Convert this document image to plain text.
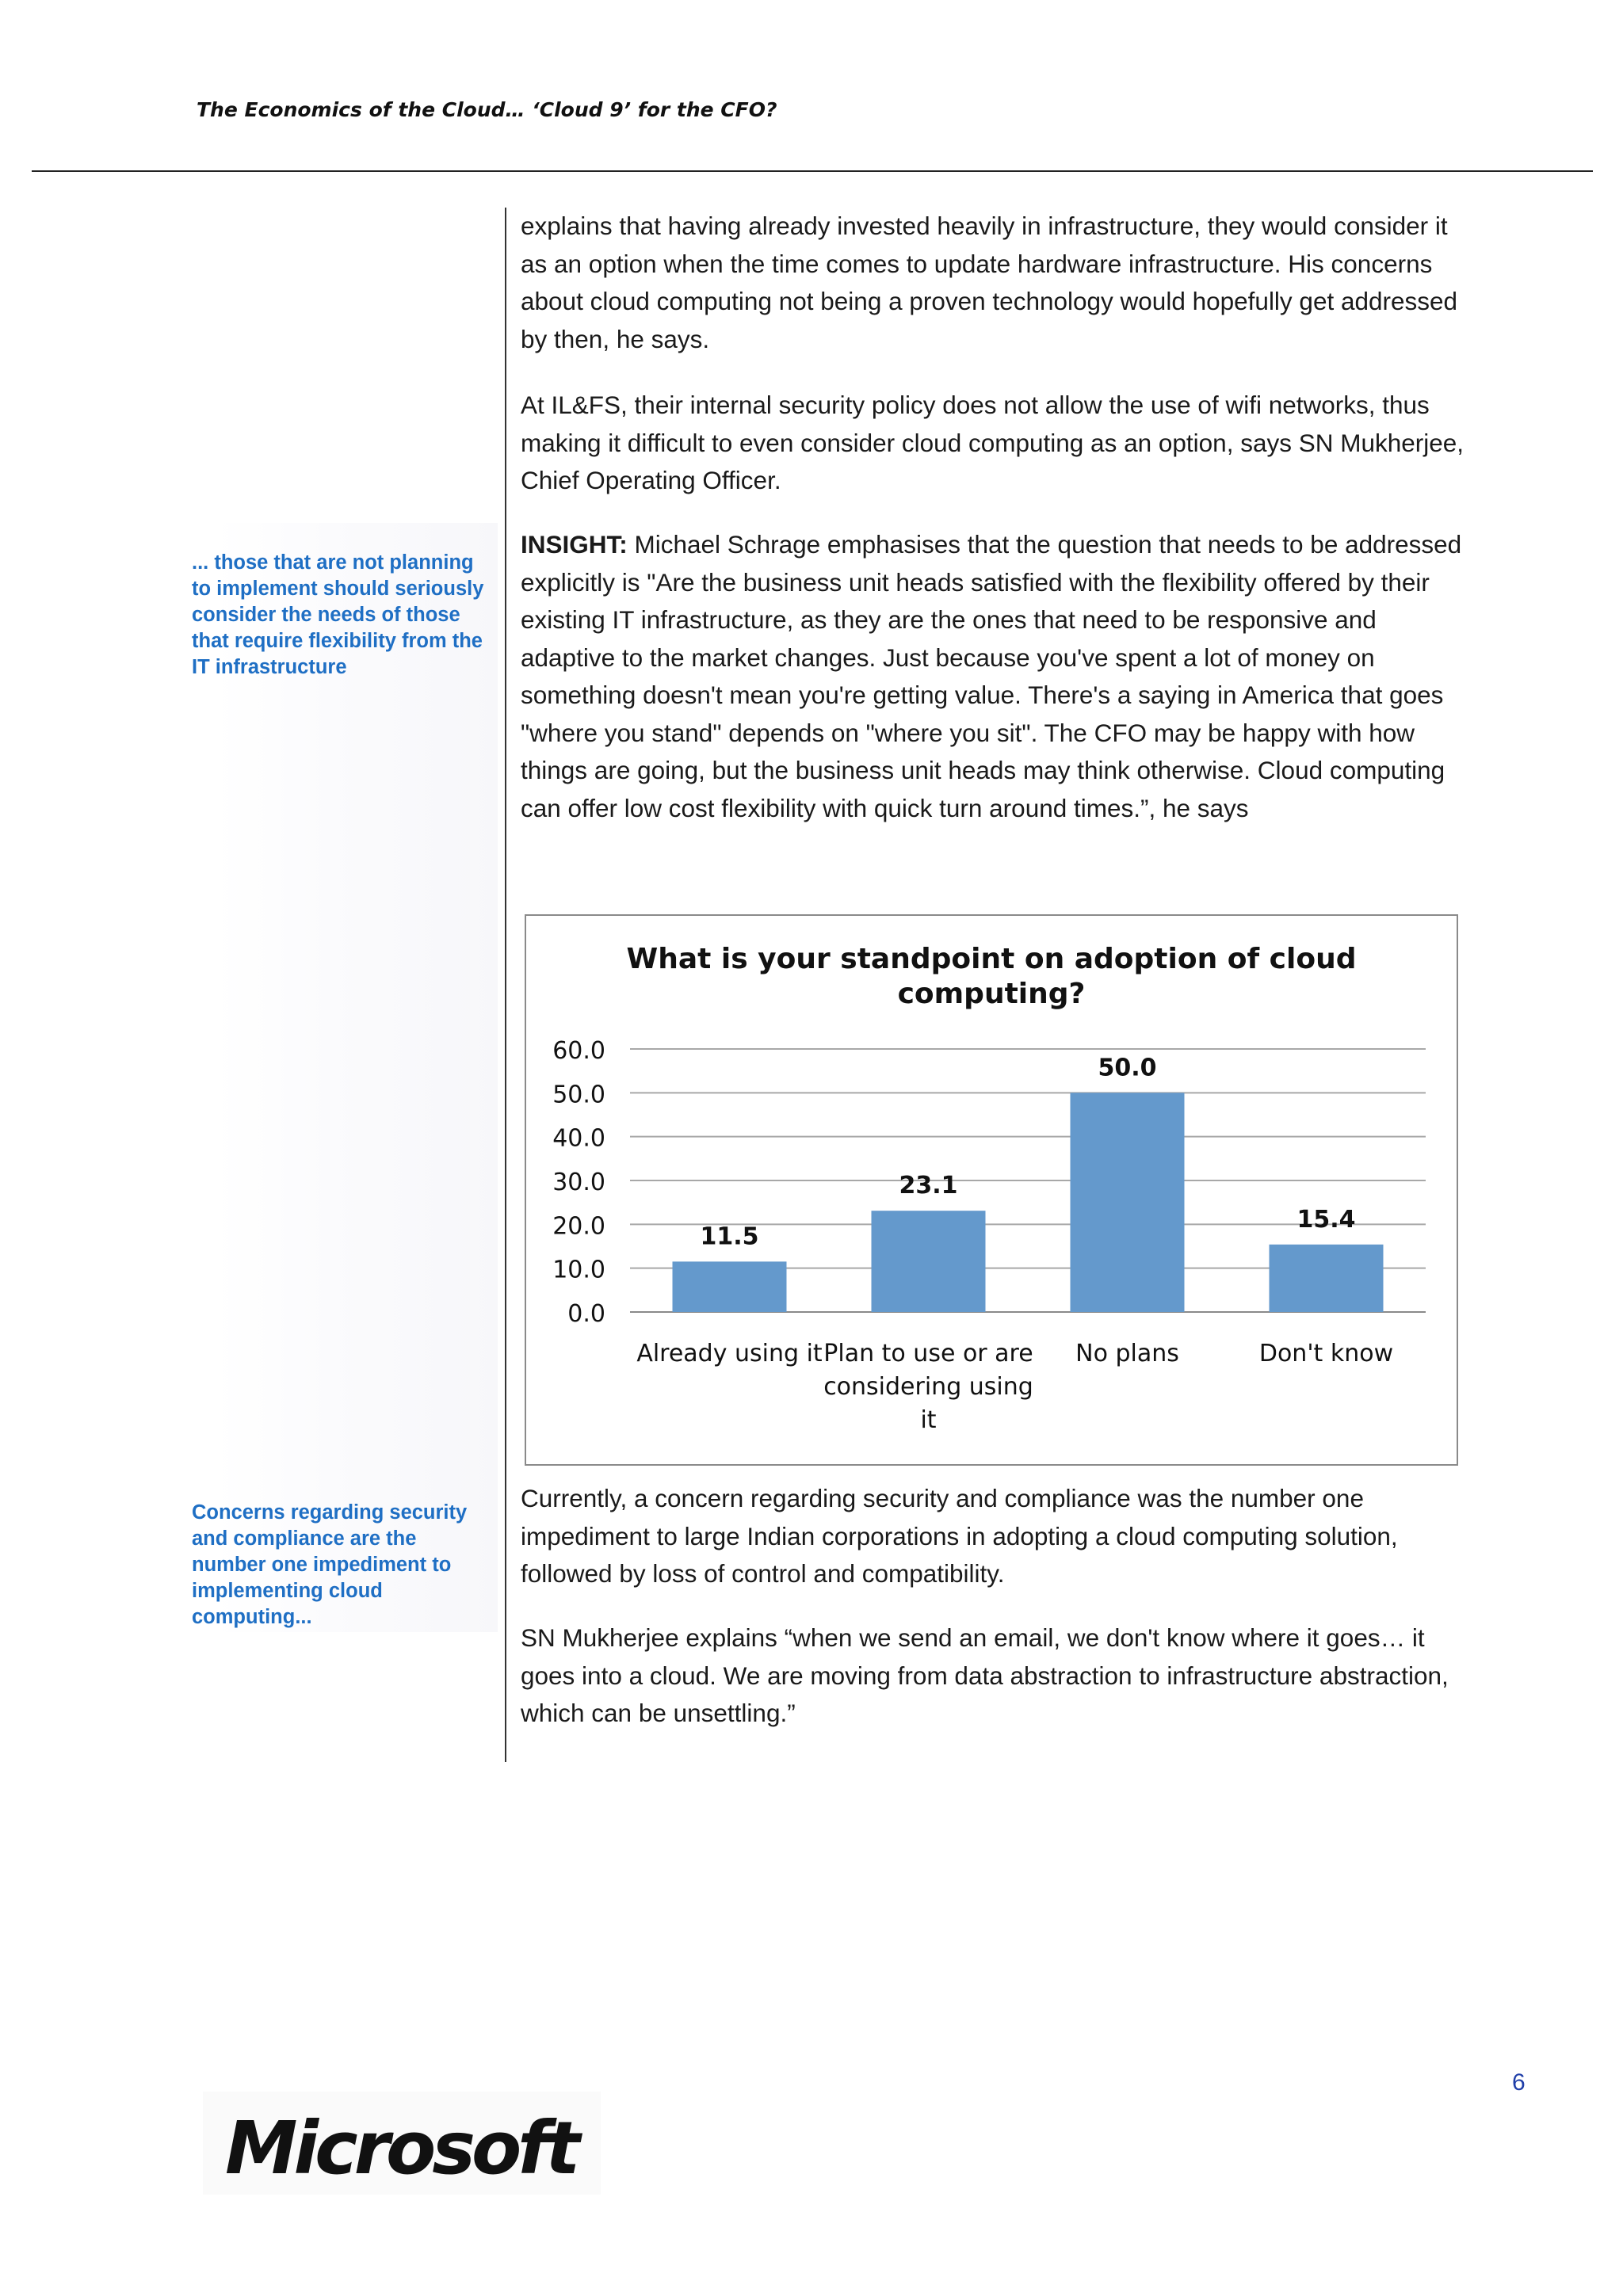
The Economics of the Cloud… ‘Cloud 9’ for the CFO?

explains that having already invested heavily in infrastructure, they would consider it as an option when the time comes to update hardware infrastructure. His concerns about cloud computing not being a proven technology would hopefully get addressed by then, he says.

At IL&FS, their internal security policy does not allow the use of wifi networks, thus making it difficult to even consider cloud computing as an option, says SN Mukherjee, Chief Operating Officer.

INSIGHT: Michael Schrage emphasises that the question that needs to be addressed explicitly is "Are the business unit heads satisfied with the flexibility offered by their existing IT infrastructure, as they are the ones that need to be responsive and adaptive to the market changes. Just because you've spent a lot of money on something doesn't mean you're getting value. There's a saying in America that goes "where you stand" depends on "where you sit". The CFO may be happy with how things are going, but the business unit heads may think otherwise. Cloud computing can offer low cost flexibility with quick turn around times.”, he says

... those that are not planning to implement should seriously consider the needs of those that require flexibility from the IT infrastructure
What is your standpoint on adoption of cloud
computing?
0.0
10.0
20.0
30.0
40.0
50.0
60.0
11.5
Already using it
23.1
Plan to use or are
considering using
it
50.0
No plans
15.4
Don't know

Currently, a concern regarding security and compliance was the number one impediment to large Indian corporations in adopting a cloud computing solution, followed by loss of control and compatibility.

SN Mukherjee explains “when we send an email, we don't know where it goes… it goes into a cloud. We are moving from data abstraction to infrastructure abstraction, which can be unsettling.”

Concerns regarding security and compliance are the number one impediment to implementing cloud computing...
6
Microsoft
